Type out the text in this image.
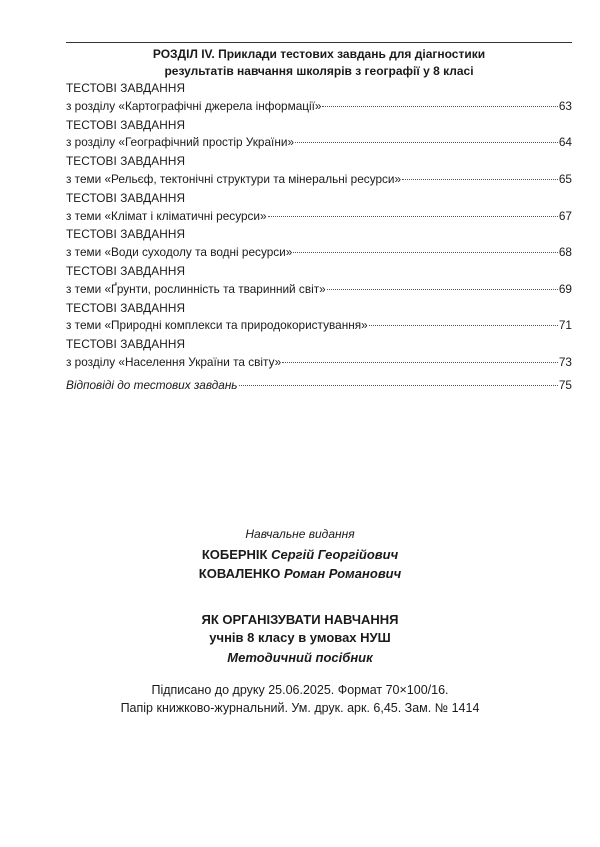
РОЗДІЛ IV. Приклади тестових завдань для діагностики
результатів навчання школярів з географії у 8 класі
ТЕСТОВІ ЗАВДАННЯ
з розділу «Картографічні джерела інформації»	63
ТЕСТОВІ ЗАВДАННЯ
з розділу «Географічний простір України»	64
ТЕСТОВІ ЗАВДАННЯ
з теми «Рельєф, тектонічні структури та мінеральні ресурси»	65
ТЕСТОВІ ЗАВДАННЯ
з теми «Клімат і кліматичні ресурси»	67
ТЕСТОВІ ЗАВДАННЯ
з теми «Води суходолу та водні ресурси»	68
ТЕСТОВІ ЗАВДАННЯ
з теми «Ґрунти, рослинність та тваринний світ»	69
ТЕСТОВІ ЗАВДАННЯ
з теми «Природні комплекси та природокористування»	71
ТЕСТОВІ ЗАВДАННЯ
з розділу «Населення України та світу»	73
Відповіді до тестових завдань	75
Навчальне видання
КОБЕРНІК Сергій Георгійович
КОВАЛЕНКО Роман Романович
ЯК ОРГАНІЗУВАТИ НАВЧАННЯ
учнів 8 класу в умовах НУШ
Методичний посібник
Підписано до друку 25.06.2025. Формат 70×100/16.
Папір книжково-журнальний. Ум. друк. арк. 6,45. Зам. № 1414
